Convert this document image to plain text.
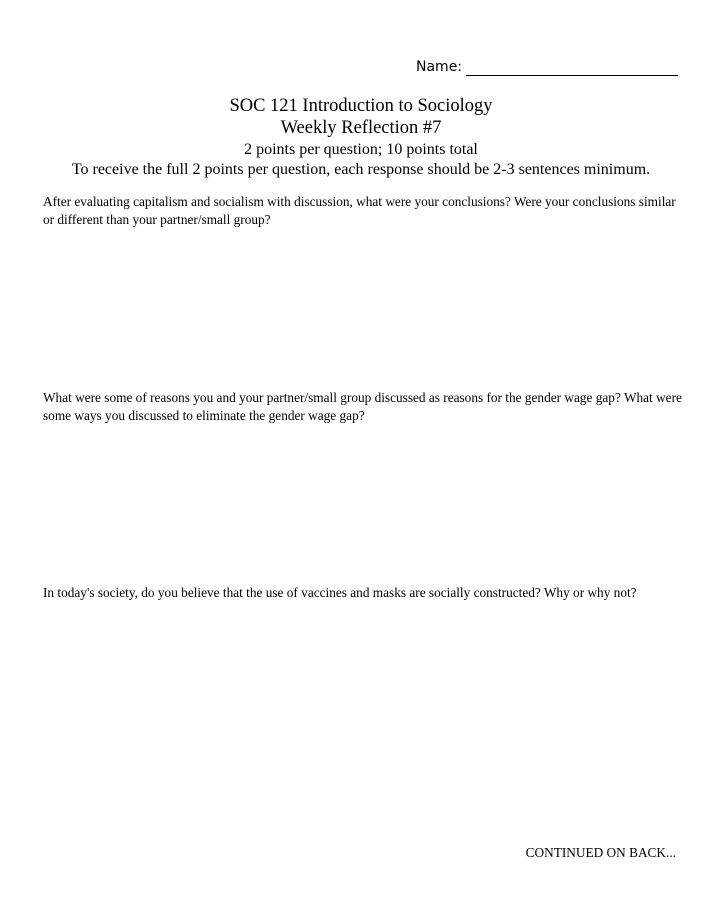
Name:
SOC 121 Introduction to Sociology
Weekly Reflection #7
2 points per question; 10 points total
To receive the full 2 points per question, each response should be 2-3 sentences minimum.
After evaluating capitalism and socialism with discussion, what were your conclusions? Were your conclusions similar or different than your partner/small group?
What were some of reasons you and your partner/small group discussed as reasons for the gender wage gap? What were some ways you discussed to eliminate the gender wage gap?
In today's society, do you believe that the use of vaccines and masks are socially constructed? Why or why not?
CONTINUED ON BACK...
